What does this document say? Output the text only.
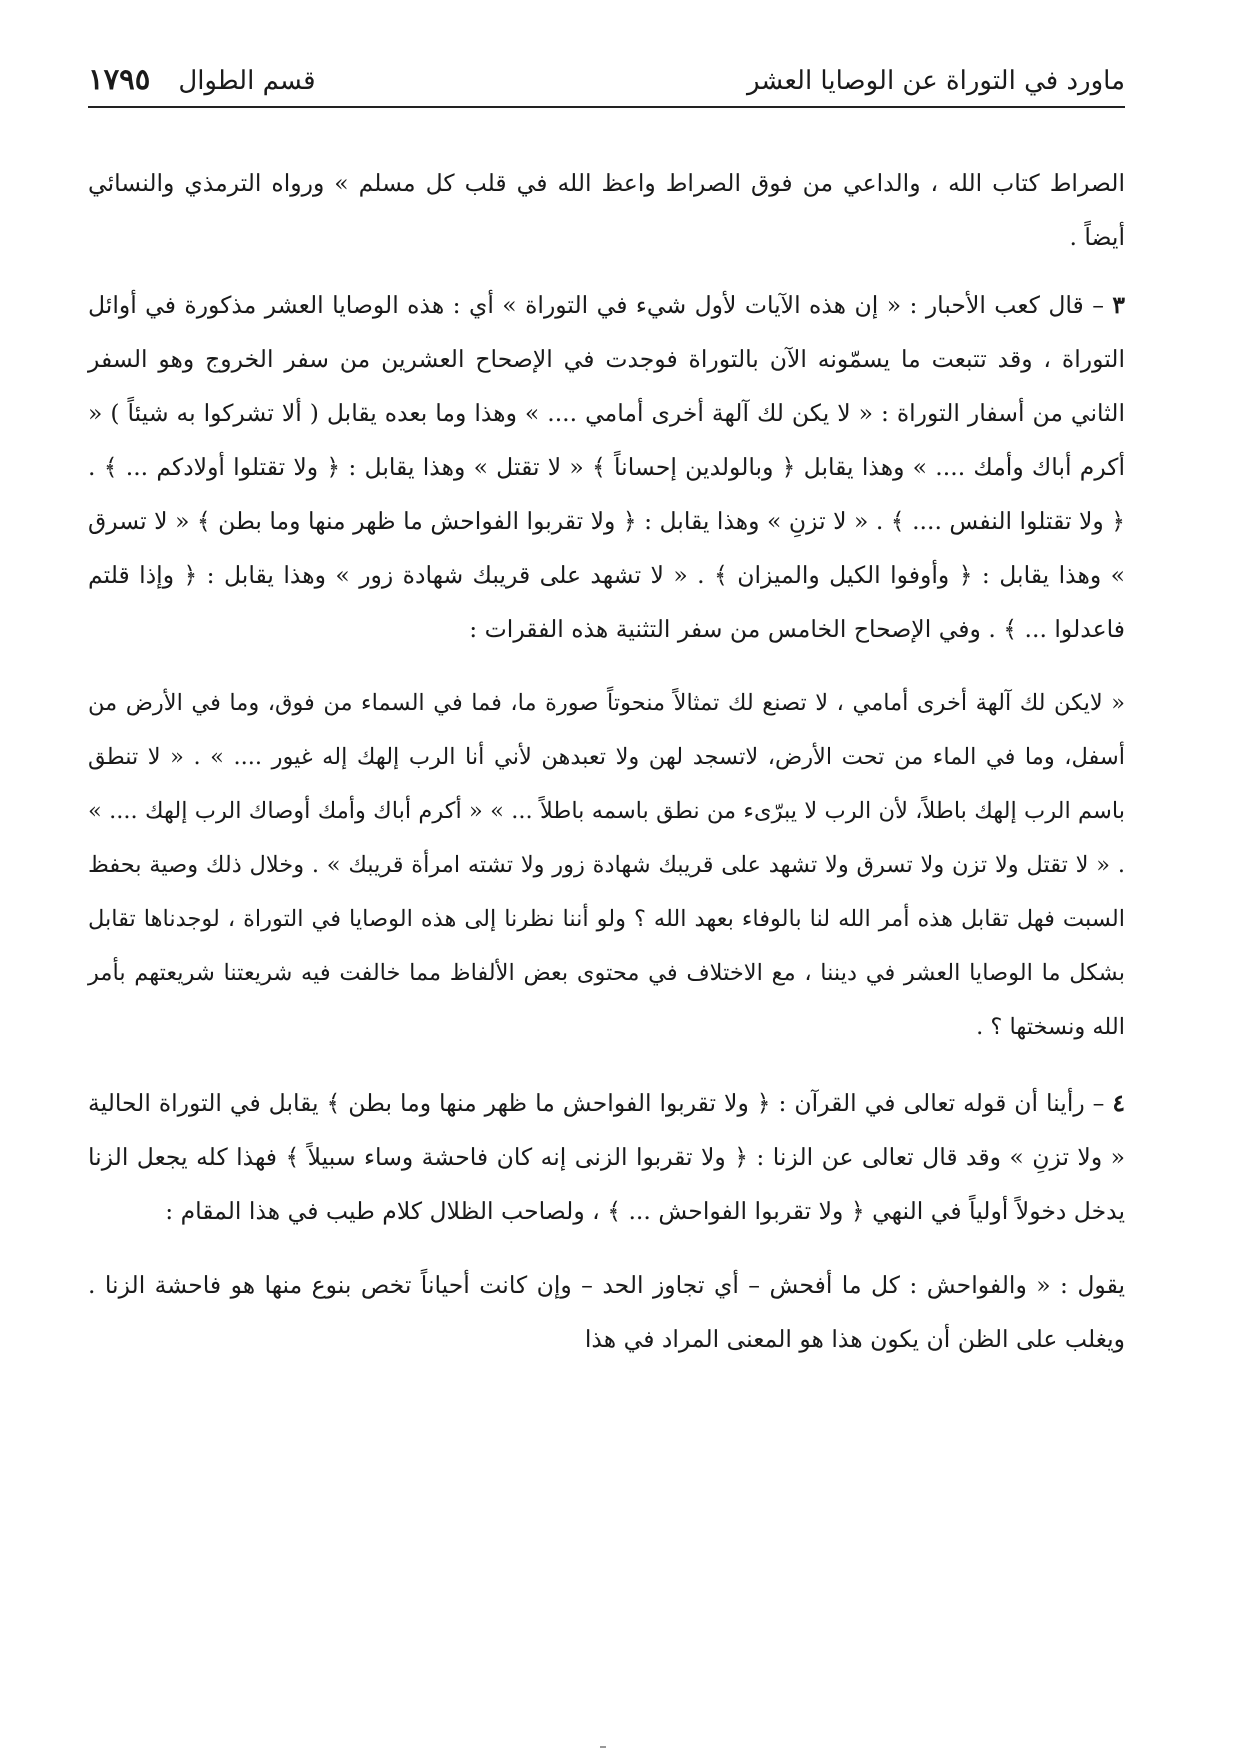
ماورد في التوراة عن الوصايا العشر
قسم الطوال
١٧٩٥

الصراط كتاب الله ، والداعي من فوق الصراط واعظ الله في قلب كل مسلم » ورواه الترمذي والنسائي أيضاً .

٣ – قال كعب الأحبار : « إن هذه الآيات لأول شيء في التوراة » أي : هذه الوصايا العشر مذكورة في أوائل التوراة ، وقد تتبعت ما يسمّونه الآن بالتوراة فوجدت في الإصحاح العشرين من سفر الخروج وهو السفر الثاني من أسفار التوراة : « لا يكن لك آلهة أخرى أمامي .... » وهذا وما بعده يقابل ( ألا تشركوا به شيئاً ) « أكرم أباك وأمك .... » وهذا يقابل ﴿ وبالولدين إحساناً ﴾ « لا تقتل » وهذا يقابل : ﴿ ولا تقتلوا أولادكم ... ﴾ . ﴿ ولا تقتلوا النفس .... ﴾ . « لا تزنِ » وهذا يقابل : ﴿ ولا تقربوا الفواحش ما ظهر منها وما بطن ﴾ « لا تسرق » وهذا يقابل : ﴿ وأوفوا الكيل والميزان ﴾ . « لا تشهد على قريبك شهادة زور » وهذا يقابل : ﴿ وإذا قلتم فاعدلوا ... ﴾ . وفي الإصحاح الخامس من سفر التثنية هذه الفقرات :

« لايكن لك آلهة أخرى أمامي ، لا تصنع لك تمثالاً منحوتاً صورة ما، فما في السماء من فوق، وما في الأرض من أسفل، وما في الماء من تحت الأرض، لاتسجد لهن ولا تعبدهن لأني أنا الرب إلهك إله غيور .... » . « لا تنطق باسم الرب إلهك باطلاً، لأن الرب لا يبرّىء من نطق باسمه باطلاً ... » « أكرم أباك وأمك أوصاك الرب إلهك .... » . « لا تقتل ولا تزن ولا تسرق ولا تشهد على قريبك شهادة زور ولا تشته امرأة قريبك » . وخلال ذلك وصية بحفظ السبت فهل تقابل هذه أمر الله لنا بالوفاء بعهد الله ؟ ولو أننا نظرنا إلى هذه الوصايا في التوراة ، لوجدناها تقابل بشكل ما الوصايا العشر في ديننا ، مع الاختلاف في محتوى بعض الألفاظ مما خالفت فيه شريعتنا شريعتهم بأمر الله ونسختها ؟ .

٤ – رأينا أن قوله تعالى في القرآن : ﴿ ولا تقربوا الفواحش ما ظهر منها وما بطن ﴾ يقابل في التوراة الحالية « ولا تزنِ » وقد قال تعالى عن الزنا : ﴿ ولا تقربوا الزنى إنه كان فاحشة وساء سبيلاً ﴾ فهذا كله يجعل الزنا يدخل دخولاً أولياً في النهي ﴿ ولا تقربوا الفواحش ... ﴾ ، ولصاحب الظلال كلام طيب في هذا المقام :

يقول : « والفواحش : كل ما أفحش – أي تجاوز الحد – وإن كانت أحياناً تخص بنوع منها هو فاحشة الزنا . ويغلب على الظن أن يكون هذا هو المعنى المراد في هذا
